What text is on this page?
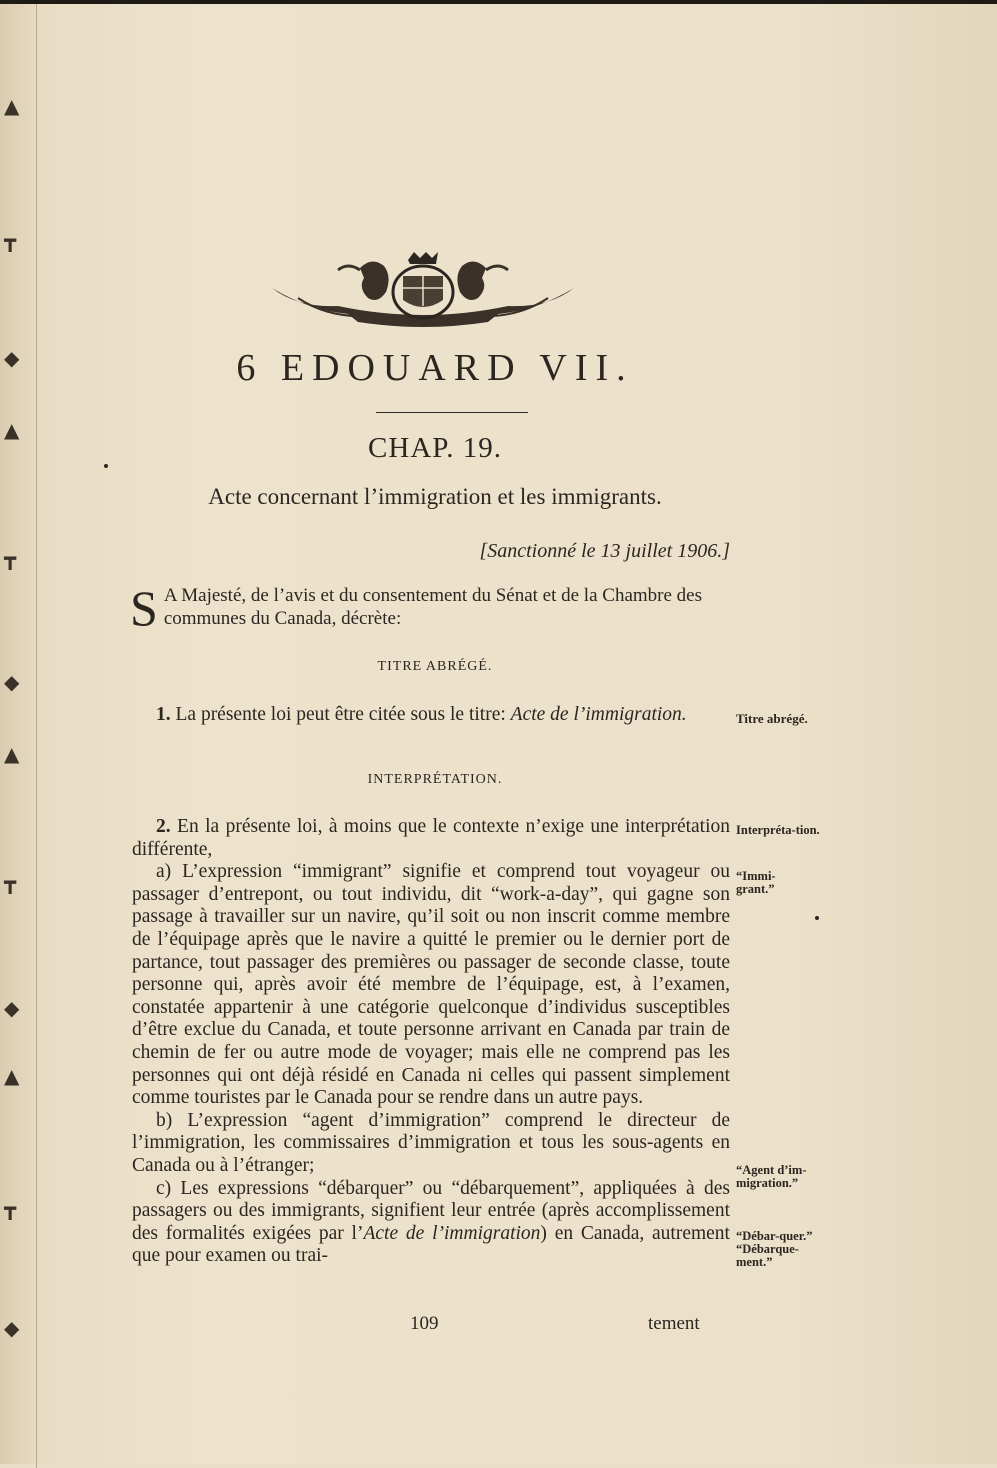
▲
┳
◆
▲
┳
◆
▲
┳
◆
▲
┳
◆
6 EDOUARD VII.
CHAP. 19.
Acte concernant l’immigration et les immigrants.
[Sanctionné le 13 juillet 1906.]
S A Majesté, de l’avis et du consentement du Sénat et de la Chambre des communes du Canada, décrète:
TITRE ABRÉGÉ.

1. La présente loi peut être citée sous le titre: Acte de l’immigration.	Titre abrégé.
INTERPRÉTATION.

2. En la présente loi, à moins que le contexte n’exige une interprétation différente,

a) L’expression “immigrant” signifie et comprend tout voyageur ou passager d’entrepont, ou tout individu, dit “work-a-day”, qui gagne son passage à travailler sur un navire, qu’il soit ou non inscrit comme membre de l’équipage après que le navire a quitté le premier ou le dernier port de partance, tout passager des premières ou passager de seconde classe, toute personne qui, après avoir été membre de l’équipage, est, à l’examen, constatée appartenir à une catégorie quelconque d’individus susceptibles d’être exclue du Canada, et toute personne arrivant en Canada par train de chemin de fer ou autre mode de voyager; mais elle ne comprend pas les personnes qui ont déjà résidé en Canada ni celles qui passent simplement comme touristes par le Canada pour se rendre dans un autre pays.

b) L’expression “agent d’immigration” comprend le directeur de l’immigration, les commissaires d’immigration et tous les sous-agents en Canada ou à l’étranger;

c) Les expressions “débarquer” ou “débarquement”, appliquées à des passagers ou des immigrants, signifient leur entrée (après accomplissement des formalités exigées par l’Acte de l’immigration) en Canada, autrement que pour examen ou trai-

Interpréta-tion.
“Immi-grant.”
“Agent d’im-migration.”
“Débar-quer.” “Débarque-ment.”
109	tement
